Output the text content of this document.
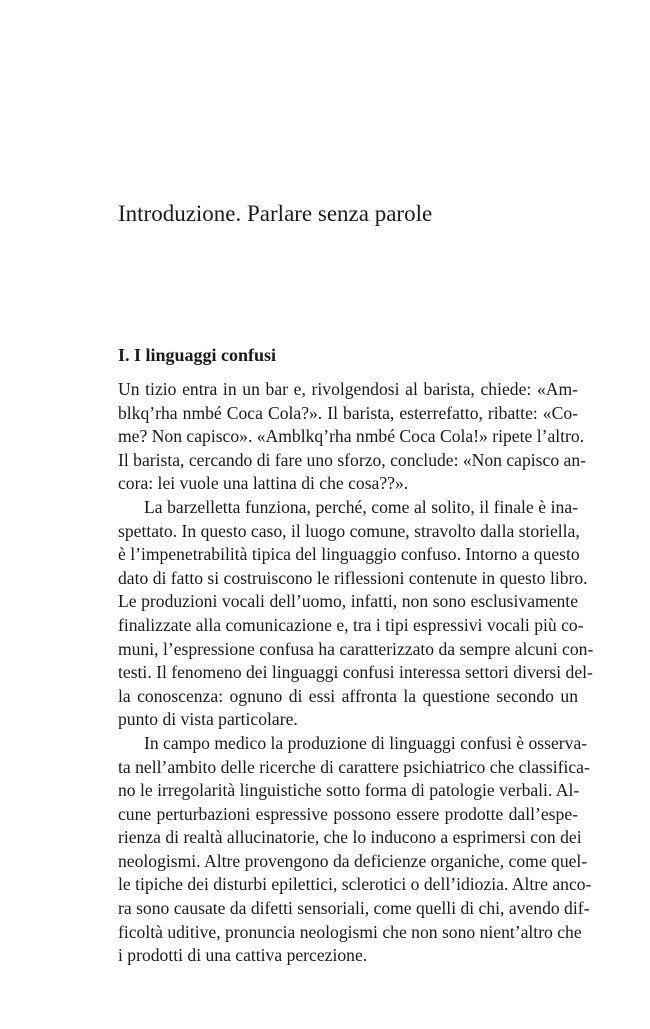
Introduzione. Parlare senza parole
I. I linguaggi confusi
Un tizio entra in un bar e, rivolgendosi al barista, chiede: «Am-
blkq’rha nmbé Coca Cola?». Il barista, esterrefatto, ribatte: «Co-
me? Non capisco». «Amblkq’rha nmbé Coca Cola!» ripete l’altro.
Il barista, cercando di fare uno sforzo, conclude: «Non capisco an-
cora: lei vuole una lattina di che cosa??».
La barzelletta funziona, perché, come al solito, il finale è ina-
spettato. In questo caso, il luogo comune, stravolto dalla storiella,
è l’impenetrabilità tipica del linguaggio confuso. Intorno a questo
dato di fatto si costruiscono le riflessioni contenute in questo libro.
Le produzioni vocali dell’uomo, infatti, non sono esclusivamente
finalizzate alla comunicazione e, tra i tipi espressivi vocali più co-
muni, l’espressione confusa ha caratterizzato da sempre alcuni con-
testi. Il fenomeno dei linguaggi confusi interessa settori diversi del-
la conoscenza: ognuno di essi affronta la questione secondo un
punto di vista particolare.
In campo medico la produzione di linguaggi confusi è osserva-
ta nell’ambito delle ricerche di carattere psichiatrico che classifica-
no le irregolarità linguistiche sotto forma di patologie verbali. Al-
cune perturbazioni espressive possono essere prodotte dall’espe-
rienza di realtà allucinatorie, che lo inducono a esprimersi con dei
neologismi. Altre provengono da deficienze organiche, come quel-
le tipiche dei disturbi epilettici, sclerotici o dell’idiozia. Altre anco-
ra sono causate da difetti sensoriali, come quelli di chi, avendo dif-
ficoltà uditive, pronuncia neologismi che non sono nient’altro che
i prodotti di una cattiva percezione.
